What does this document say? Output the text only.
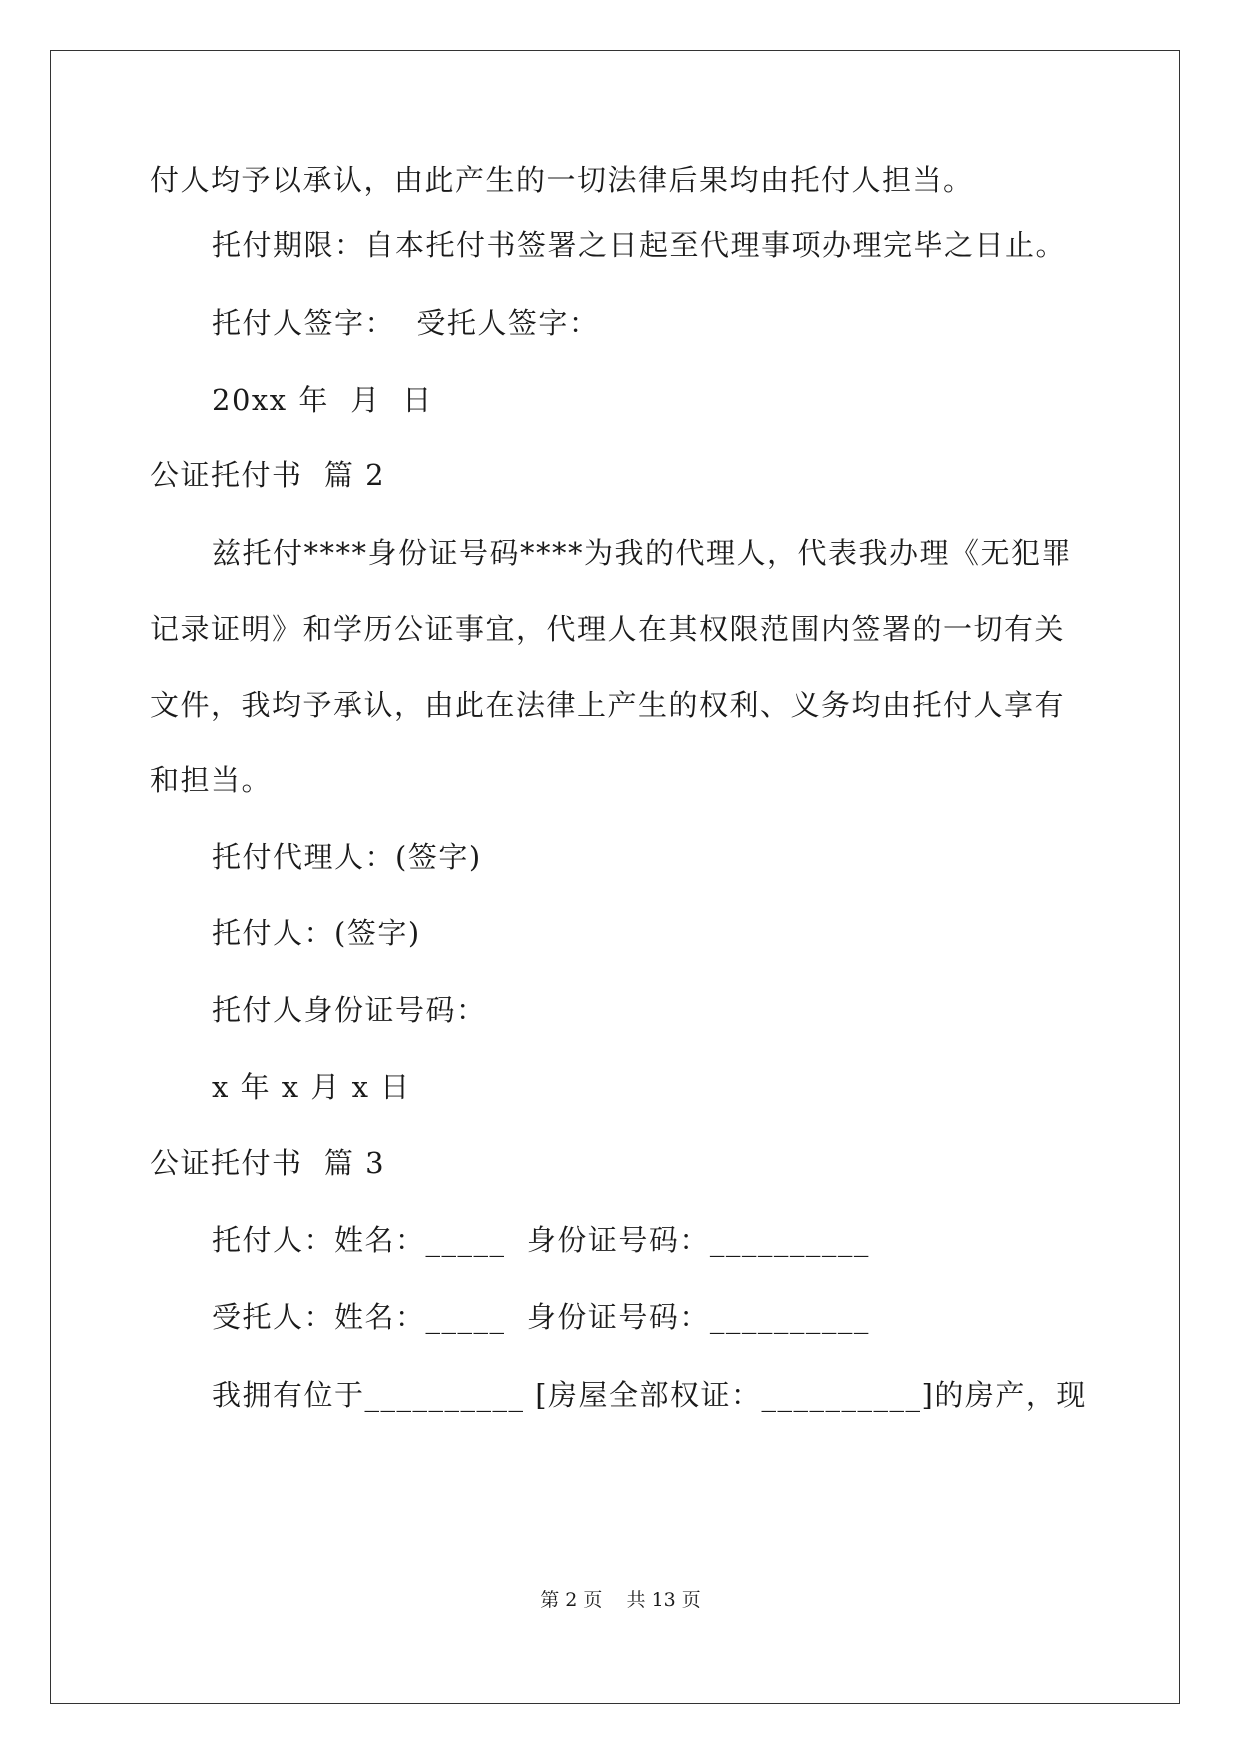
付人均予以承认，由此产生的一切法律后果均由托付人担当。
托付期限：自本托付书签署之日起至代理事项办理完毕之日止。
托付人签字：  受托人签字：
20xx 年  月  日
公证托付书  篇 2
兹托付****身份证号码****为我的代理人，代表我办理《无犯罪
记录证明》和学历公证事宜，代理人在其权限范围内签署的一切有关
文件，我均予承认，由此在法律上产生的权利、义务均由托付人享有
和担当。
托付代理人：(签字)
托付人：(签字)
托付人身份证号码：
x 年 x 月 x 日
公证托付书  篇 3
托付人：姓名：_____  身份证号码：__________
受托人：姓名：_____  身份证号码：__________
我拥有位于__________ [房屋全部权证：__________]的房产，现
第 2 页    共 13 页
